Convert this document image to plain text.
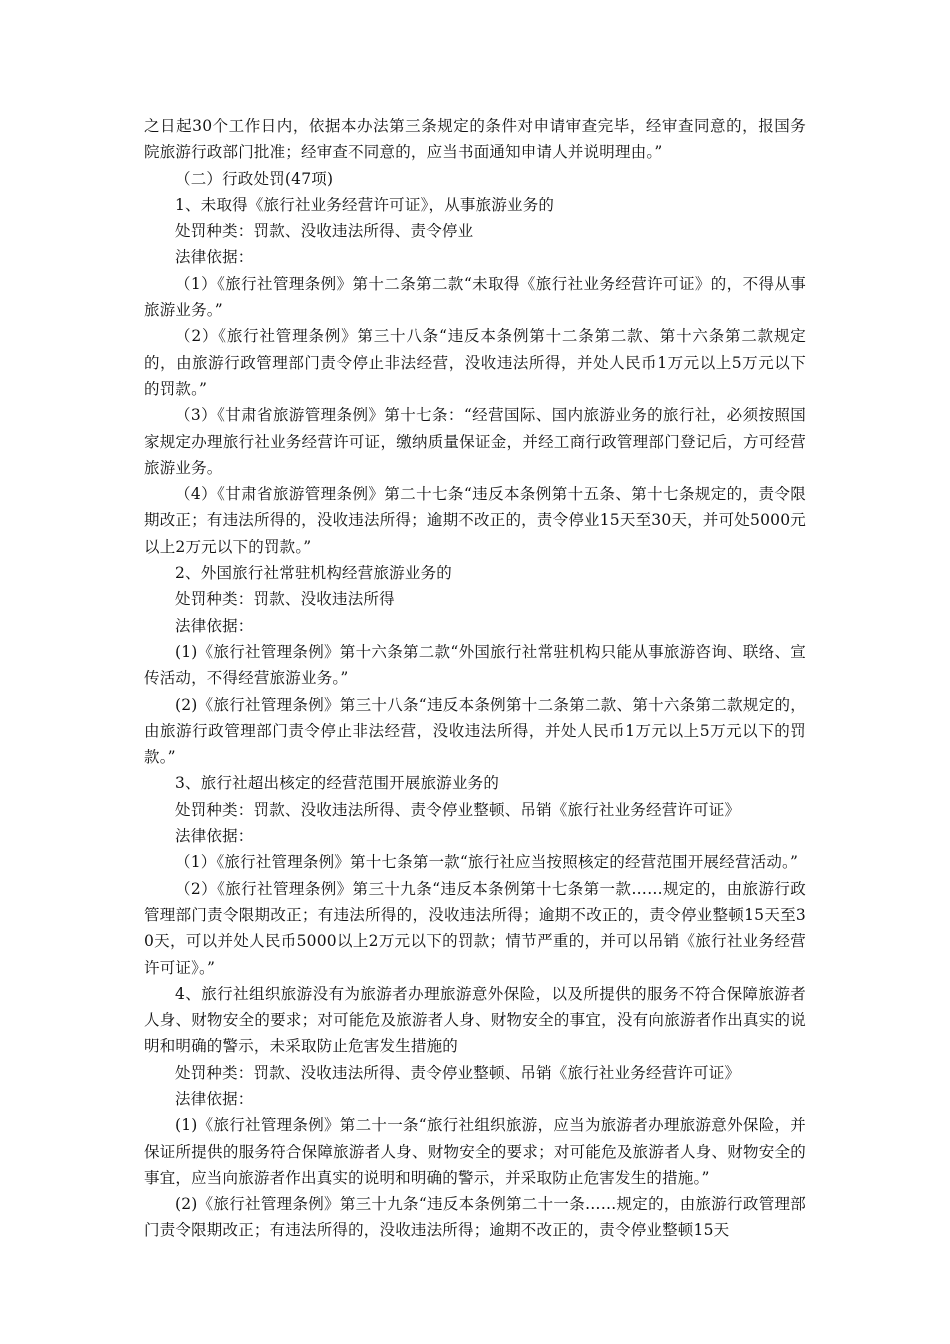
之日起30个工作日内，依据本办法第三条规定的条件对申请审查完毕，经审查同意的，报国务院旅游行政部门批准；经审查不同意的，应当书面通知申请人并说明理由。”

（二）行政处罚(47项)

1、未取得《旅行社业务经营许可证》，从事旅游业务的

处罚种类：罚款、没收违法所得、责令停业

法律依据：

（1）《旅行社管理条例》第十二条第二款“未取得《旅行社业务经营许可证》的，不得从事旅游业务。”

（2）《旅行社管理条例》第三十八条“违反本条例第十二条第二款、第十六条第二款规定的，由旅游行政管理部门责令停止非法经营，没收违法所得，并处人民币1万元以上5万元以下的罚款。”

（3）《甘肃省旅游管理条例》第十七条：“经营国际、国内旅游业务的旅行社，必须按照国家规定办理旅行社业务经营许可证，缴纳质量保证金，并经工商行政管理部门登记后，方可经营旅游业务。

（4）《甘肃省旅游管理条例》第二十七条“违反本条例第十五条、第十七条规定的，责令限期改正；有违法所得的，没收违法所得；逾期不改正的，责令停业15天至30天，并可处5000元以上2万元以下的罚款。”

2、外国旅行社常驻机构经营旅游业务的

处罚种类：罚款、没收违法所得

法律依据：

(1)《旅行社管理条例》第十六条第二款“外国旅行社常驻机构只能从事旅游咨询、联络、宣传活动，不得经营旅游业务。”

(2)《旅行社管理条例》第三十八条“违反本条例第十二条第二款、第十六条第二款规定的，由旅游行政管理部门责令停止非法经营，没收违法所得，并处人民币1万元以上5万元以下的罚款。”

3、旅行社超出核定的经营范围开展旅游业务的

处罚种类：罚款、没收违法所得、责令停业整顿、吊销《旅行社业务经营许可证》

法律依据：

（1）《旅行社管理条例》第十七条第一款“旅行社应当按照核定的经营范围开展经营活动。”

（2）《旅行社管理条例》第三十九条“违反本条例第十七条第一款……规定的，由旅游行政管理部门责令限期改正；有违法所得的，没收违法所得；逾期不改正的，责令停业整顿15天至30天，可以并处人民币5000以上2万元以下的罚款；情节严重的，并可以吊销《旅行社业务经营许可证》。”

4、旅行社组织旅游没有为旅游者办理旅游意外保险，以及所提供的服务不符合保障旅游者人身、财物安全的要求；对可能危及旅游者人身、财物安全的事宜，没有向旅游者作出真实的说明和明确的警示，未采取防止危害发生措施的

处罚种类：罚款、没收违法所得、责令停业整顿、吊销《旅行社业务经营许可证》

法律依据：

(1)《旅行社管理条例》第二十一条“旅行社组织旅游，应当为旅游者办理旅游意外保险，并保证所提供的服务符合保障旅游者人身、财物安全的要求；对可能危及旅游者人身、财物安全的事宜，应当向旅游者作出真实的说明和明确的警示，并采取防止危害发生的措施。”

(2)《旅行社管理条例》第三十九条“违反本条例第二十一条……规定的，由旅游行政管理部门责令限期改正；有违法所得的，没收违法所得；逾期不改正的，责令停业整顿15天
